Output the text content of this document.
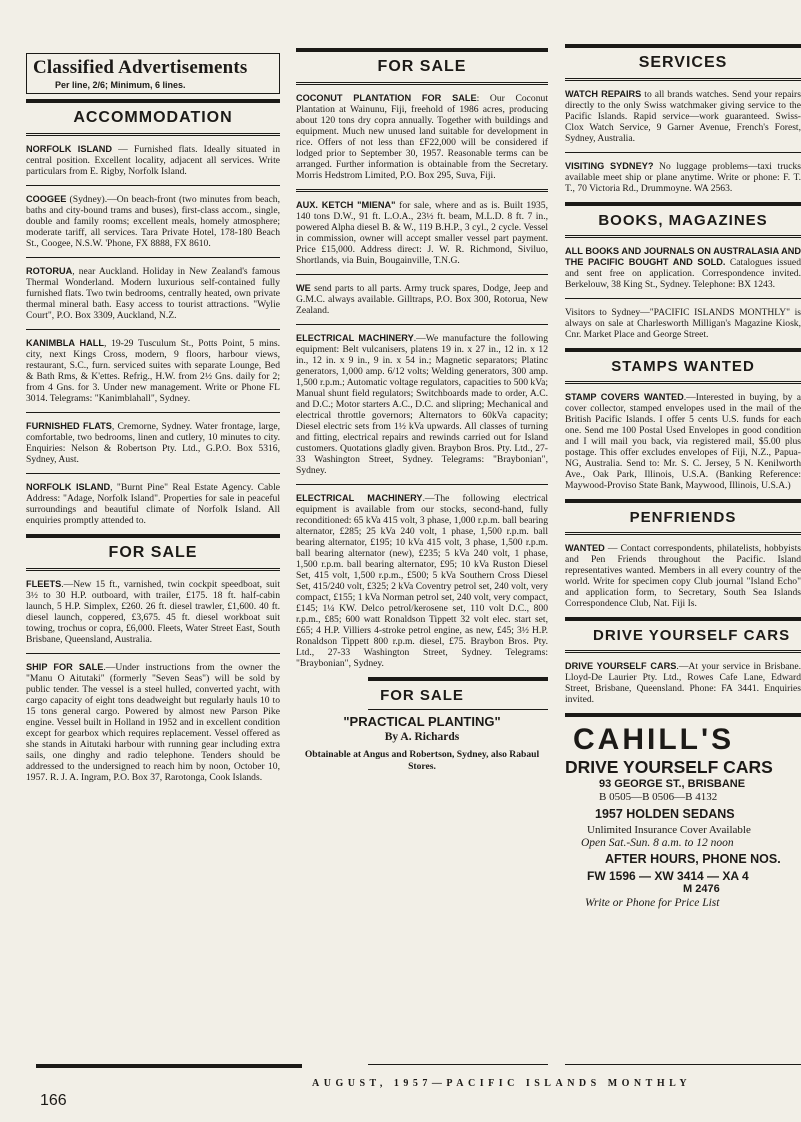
Classified Advertisements
Per line, 2/6; Minimum, 6 lines.
ACCOMMODATION

NORFOLK ISLAND — Furnished flats. Ideally situated in central position. Excellent locality, adjacent all services. Write particulars from E. Rigby, Norfolk Island.

COOGEE (Sydney).—On beach-front (two minutes from beach, baths and city-bound trams and buses), first-class accom., single, double and family rooms; excellent meals, homely atmosphere; moderate tariff, all services. Tara Private Hotel, 178-180 Beach St., Coogee, N.S.W. 'Phone, FX 8888, FX 8610.

ROTORUA, near Auckland. Holiday in New Zealand's famous Thermal Wonderland. Modern luxurious self-contained fully furnished flats. Two twin bedrooms, centrally heated, own private thermal mineral bath. Easy access to tourist attractions. "Wylie Court", P.O. Box 3309, Auckland, N.Z.

KANIMBLA HALL, 19-29 Tusculum St., Potts Point, 5 mins. city, next Kings Cross, modern, 9 floors, harbour views, restaurant, S.C., furn. serviced suites with separate Lounge, Bed & Bath Rms, & K'ettes. Refrig., H.W. from 2½ Gns. daily for 2; from 4 Gns. for 3. Under new management. Write or Phone FL 3014. Telegrams: "Kanimblahall", Sydney.

FURNISHED FLATS, Cremorne, Sydney. Water frontage, large, comfortable, two bedrooms, linen and cutlery, 10 minutes to city. Enquiries: Nelson & Robertson Pty. Ltd., G.P.O. Box 5316, Sydney, Aust.

NORFOLK ISLAND, "Burnt Pine" Real Estate Agency. Cable Address: "Adage, Norfolk Island". Properties for sale in peaceful surroundings and beautiful climate of Norfolk Island. All enquiries promptly attended to.

FOR SALE

FLEETS.—New 15 ft., varnished, twin cockpit speedboat, suit 3½ to 30 H.P. outboard, with trailer, £175. 18 ft. half-cabin launch, 5 H.P. Simplex, £260. 26 ft. diesel trawler, £1,600. 40 ft. diesel launch, coppered, £3,675. 45 ft. diesel workboat suit towing, trochus or copra, £6,000. Fleets, Water Street East, South Brisbane, Queensland, Australia.

SHIP FOR SALE.—Under instructions from the owner the "Manu O Aitutaki" (formerly "Seven Seas") will be sold by public tender. The vessel is a steel hulled, converted yacht, with cargo capacity of eight tons deadweight but regularly hauls 10 to 15 tons general cargo. Powered by almost new Parson Pike engine. Vessel built in Holland in 1952 and in excellent condition except for gearbox which requires replacement. Vessel offered as she stands in Aitutaki harbour with running gear including extra sails, one dinghy and radio telephone. Tenders should be addressed to the undersigned to reach him by noon, October 10, 1957. R. J. A. Ingram, P.O. Box 37, Rarotonga, Cook Islands.

FOR SALE

COCONUT PLANTATION FOR SALE: Our Coconut Plantation at Wainunu, Fiji, freehold of 1986 acres, producing about 120 tons dry copra annually. Together with buildings and equipment. Much new unused land suitable for development in rice. Offers of not less than £F22,000 will be considered if lodged prior to September 30, 1957. Reasonable terms can be arranged. Further information is obtainable from the Secretary. Morris Hedstrom Limited, P.O. Box 295, Suva, Fiji.

AUX. KETCH "MIENA" for sale, where and as is. Built 1935, 140 tons D.W., 91 ft. L.O.A., 23½ ft. beam, M.L.D. 8 ft. 7 in., powered Alpha diesel B. & W., 119 B.H.P., 3 cyl., 2 cycle. Vessel in commission, owner will accept smaller vessel part payment. Price £15,000. Address direct: J. W. R. Richmond, Siviluo, Shortlands, via Buin, Bougainville, T.N.G.

WE send parts to all parts. Army truck spares, Dodge, Jeep and G.M.C. always available. Gilltraps, P.O. Box 300, Rotorua, New Zealand.

ELECTRICAL MACHINERY.—We manufacture the following equipment: Belt vulcanisers, platens 19 in. x 27 in., 12 in. x 12 in., 12 in. x 9 in., 9 in. x 54 in.; Magnetic separators; Platinc generators, 1,000 amp. 6/12 volts; Welding generators, 300 amp. 1,500 r.p.m.; Automatic voltage regulators, capacities to 500 kVa; Manual shunt field regulators; Switchboards made to order, A.C. and D.C.; Motor starters A.C., D.C. and slipring; Mechanical and electrical throttle governors; Alternators to 60kVa capacity; Diesel electric sets from 1½ kVa upwards. All classes of turning and fitting, electrical repairs and rewinds carried out for Island customers. Quotations gladly given. Braybon Bros. Pty. Ltd., 27-33 Washington Street, Sydney. Telegrams: "Braybonian", Sydney.

ELECTRICAL MACHINERY.—The following electrical equipment is available from our stocks, second-hand, fully reconditioned: 65 kVa 415 volt, 3 phase, 1,000 r.p.m. ball bearing alternator, £285; 25 kVa 240 volt, 1 phase, 1,500 r.p.m. ball bearing alternator, £195; 10 kVa 415 volt, 3 phase, 1,500 r.p.m. ball bearing alternator (new), £235; 5 kVa 240 volt, 1 phase, 1,500 r.p.m. ball bearing alternator, £95; 10 kVa Ruston Diesel Set, 415 volt, 1,500 r.p.m., £500; 5 kVa Southern Cross Diesel Set, 415/240 volt, £325; 2 kVa Coventry petrol set, 240 volt, very compact, £155; 1 kVa Norman petrol set, 240 volt, very compact, £145; 1¼ KW. Delco petrol/kerosene set, 110 volt D.C., 800 r.p.m., £85; 600 watt Ronaldson Tippett 32 volt elec. start set, £65; 4 H.P. Villiers 4-stroke petrol engine, as new, £45; 3½ H.P. Ronaldson Tippett 800 r.p.m. diesel, £75. Braybon Bros. Pty. Ltd., 27-33 Washington Street, Sydney. Telegrams: "Braybonian", Sydney.

FOR SALE
"PRACTICAL PLANTING"
By A. Richards
Obtainable at Angus and Robertson, Sydney, also Rabaul Stores.
SERVICES

WATCH REPAIRS to all brands watches. Send your repairs directly to the only Swiss watchmaker giving service to the Pacific Islands. Rapid service—work guaranteed. Swiss-Clox Watch Service, 9 Garner Avenue, French's Forest, Sydney, Australia.

VISITING SYDNEY? No luggage problems—taxi trucks available meet ship or plane anytime. Write or phone: F. T. T., 70 Victoria Rd., Drummoyne. WA 2563.

BOOKS, MAGAZINES

ALL BOOKS AND JOURNALS ON AUSTRALASIA AND THE PACIFIC BOUGHT AND SOLD. Catalogues issued and sent free on application. Correspondence invited. Berkelouw, 38 King St., Sydney. Telephone: BX 1243.

Visitors to Sydney—"PACIFIC ISLANDS MONTHLY" is always on sale at Charlesworth Milligan's Magazine Kiosk, Cnr. Market Place and George Street.

STAMPS WANTED

STAMP COVERS WANTED.—Interested in buying, by a cover collector, stamped envelopes used in the mail of the British Pacific Islands. I offer 5 cents U.S. funds for each one. Send me 100 Postal Used Envelopes in good condition and I will mail you back, via registered mail, $5.00 plus postage. This offer excludes envelopes of Fiji, N.Z., Papua-NG, Australia. Send to: Mr. S. C. Jersey, 5 N. Kenilworth Ave., Oak Park, Illinois, U.S.A. (Banking Reference: Maywood-Proviso State Bank, Maywood, Illinois, U.S.A.)

PENFRIENDS

WANTED — Contact correspondents, philatelists, hobbyists and Pen Friends throughout the Pacific. Island representatives wanted. Members in all every country of the world. Write for specimen copy Club journal "Island Echo" and application form, to Secretary, South Sea Islands Correspondence Club, Nat. Fiji Is.

DRIVE YOURSELF CARS

DRIVE YOURSELF CARS.—At your service in Brisbane. Lloyd-De Laurier Pty. Ltd., Rowes Cafe Lane, Edward Street, Brisbane, Queensland. Phone: FA 3441. Enquiries invited.

CAHILL'S

DRIVE YOURSELF CARS

93 GEORGE ST., BRISBANE

B 0505—B 0506—B 4132

1957 HOLDEN SEDANS

Unlimited Insurance Cover Available

Open Sat.-Sun. 8 a.m. to 12 noon

AFTER HOURS, PHONE NOS.

FW 1596 — XW 3414 — XA 4

M 2476

Write or Phone for Price List

166
AUGUST, 1957—PACIFIC ISLANDS MONTHLY
